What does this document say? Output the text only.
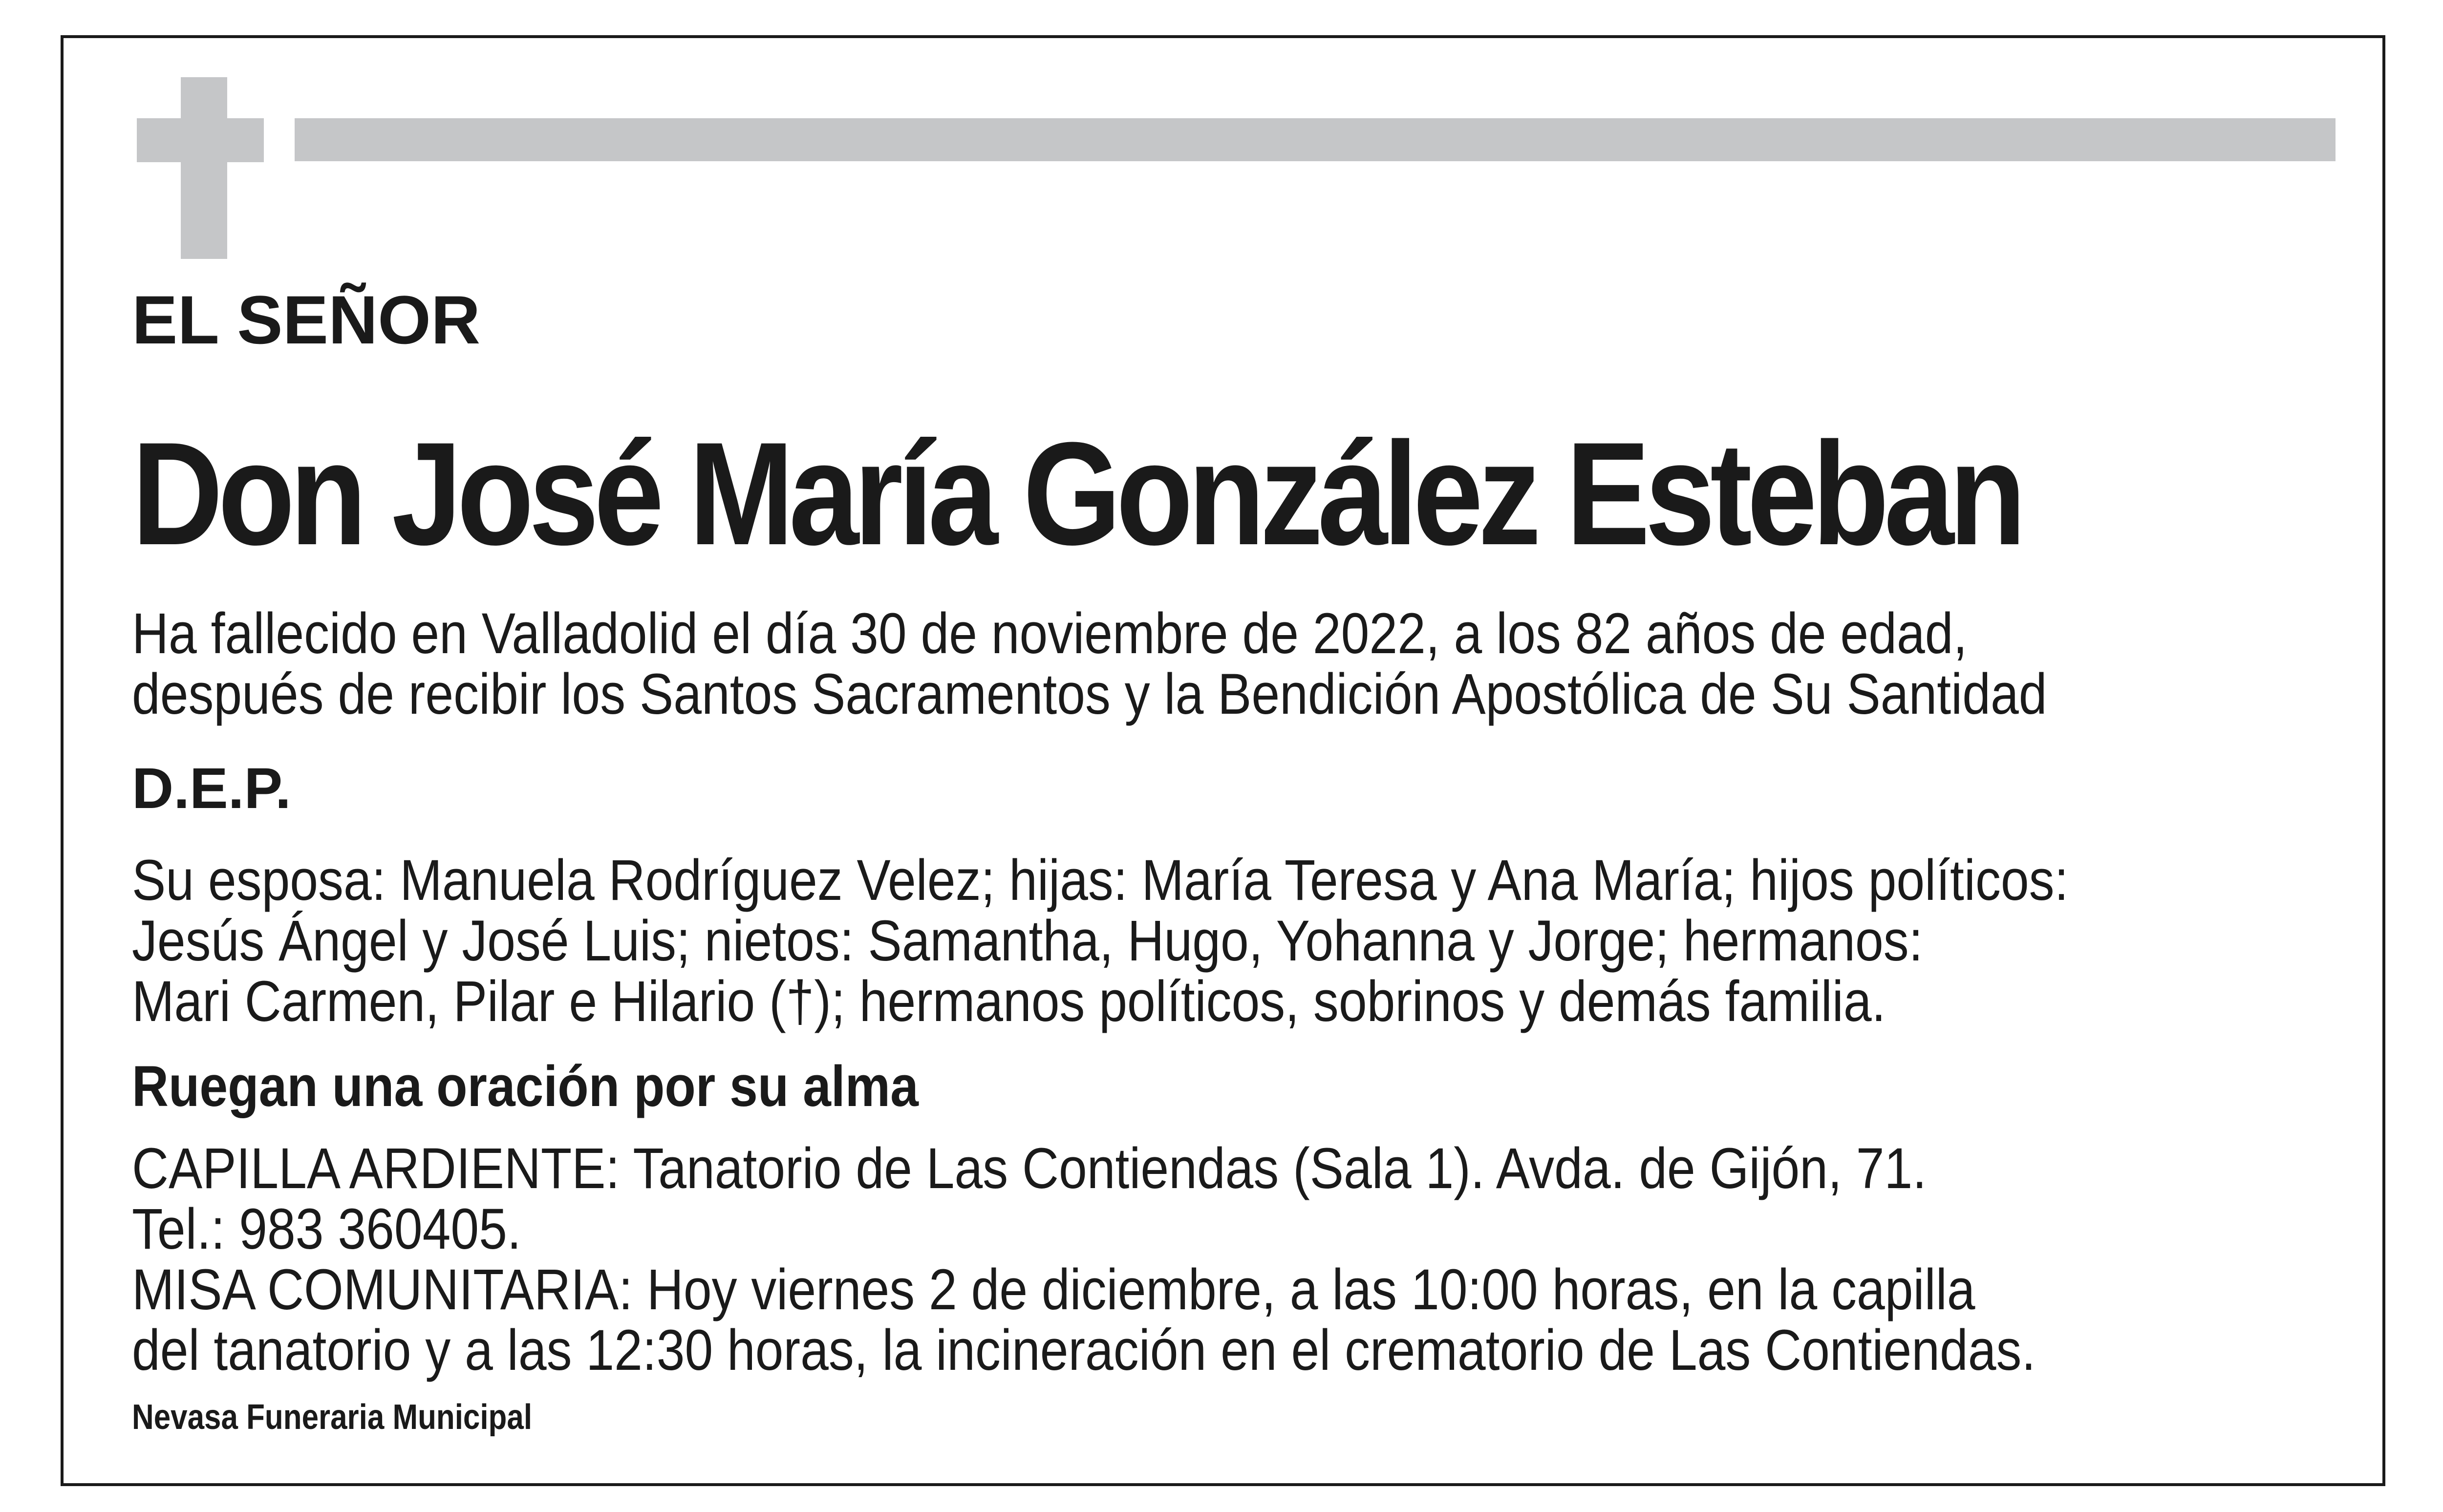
EL SEÑOR

Don José María González Esteban

Ha fallecido en Valladolid el día 30 de noviembre de 2022, a los 82 años de edad,
después de recibir los Santos Sacramentos y la Bendición Apostólica de Su Santidad

D.E.P.

Su esposa: Manuela Rodríguez Velez; hijas: María Teresa y Ana María; hijos políticos:
Jesús Ángel y José Luis; nietos: Samantha, Hugo, Yohanna y Jorge; hermanos:
Mari Carmen, Pilar e Hilario (†); hermanos políticos, sobrinos y demás familia.

Ruegan una oración por su alma

CAPILLA ARDIENTE: Tanatorio de Las Contiendas (Sala 1). Avda. de Gijón, 71.
Tel.: 983 360405.
MISA COMUNITARIA: Hoy viernes 2 de diciembre, a las 10:00 horas, en la capilla
del tanatorio y a las 12:30 horas, la incineración en el crematorio de Las Contiendas.

Nevasa Funeraria Municipal
